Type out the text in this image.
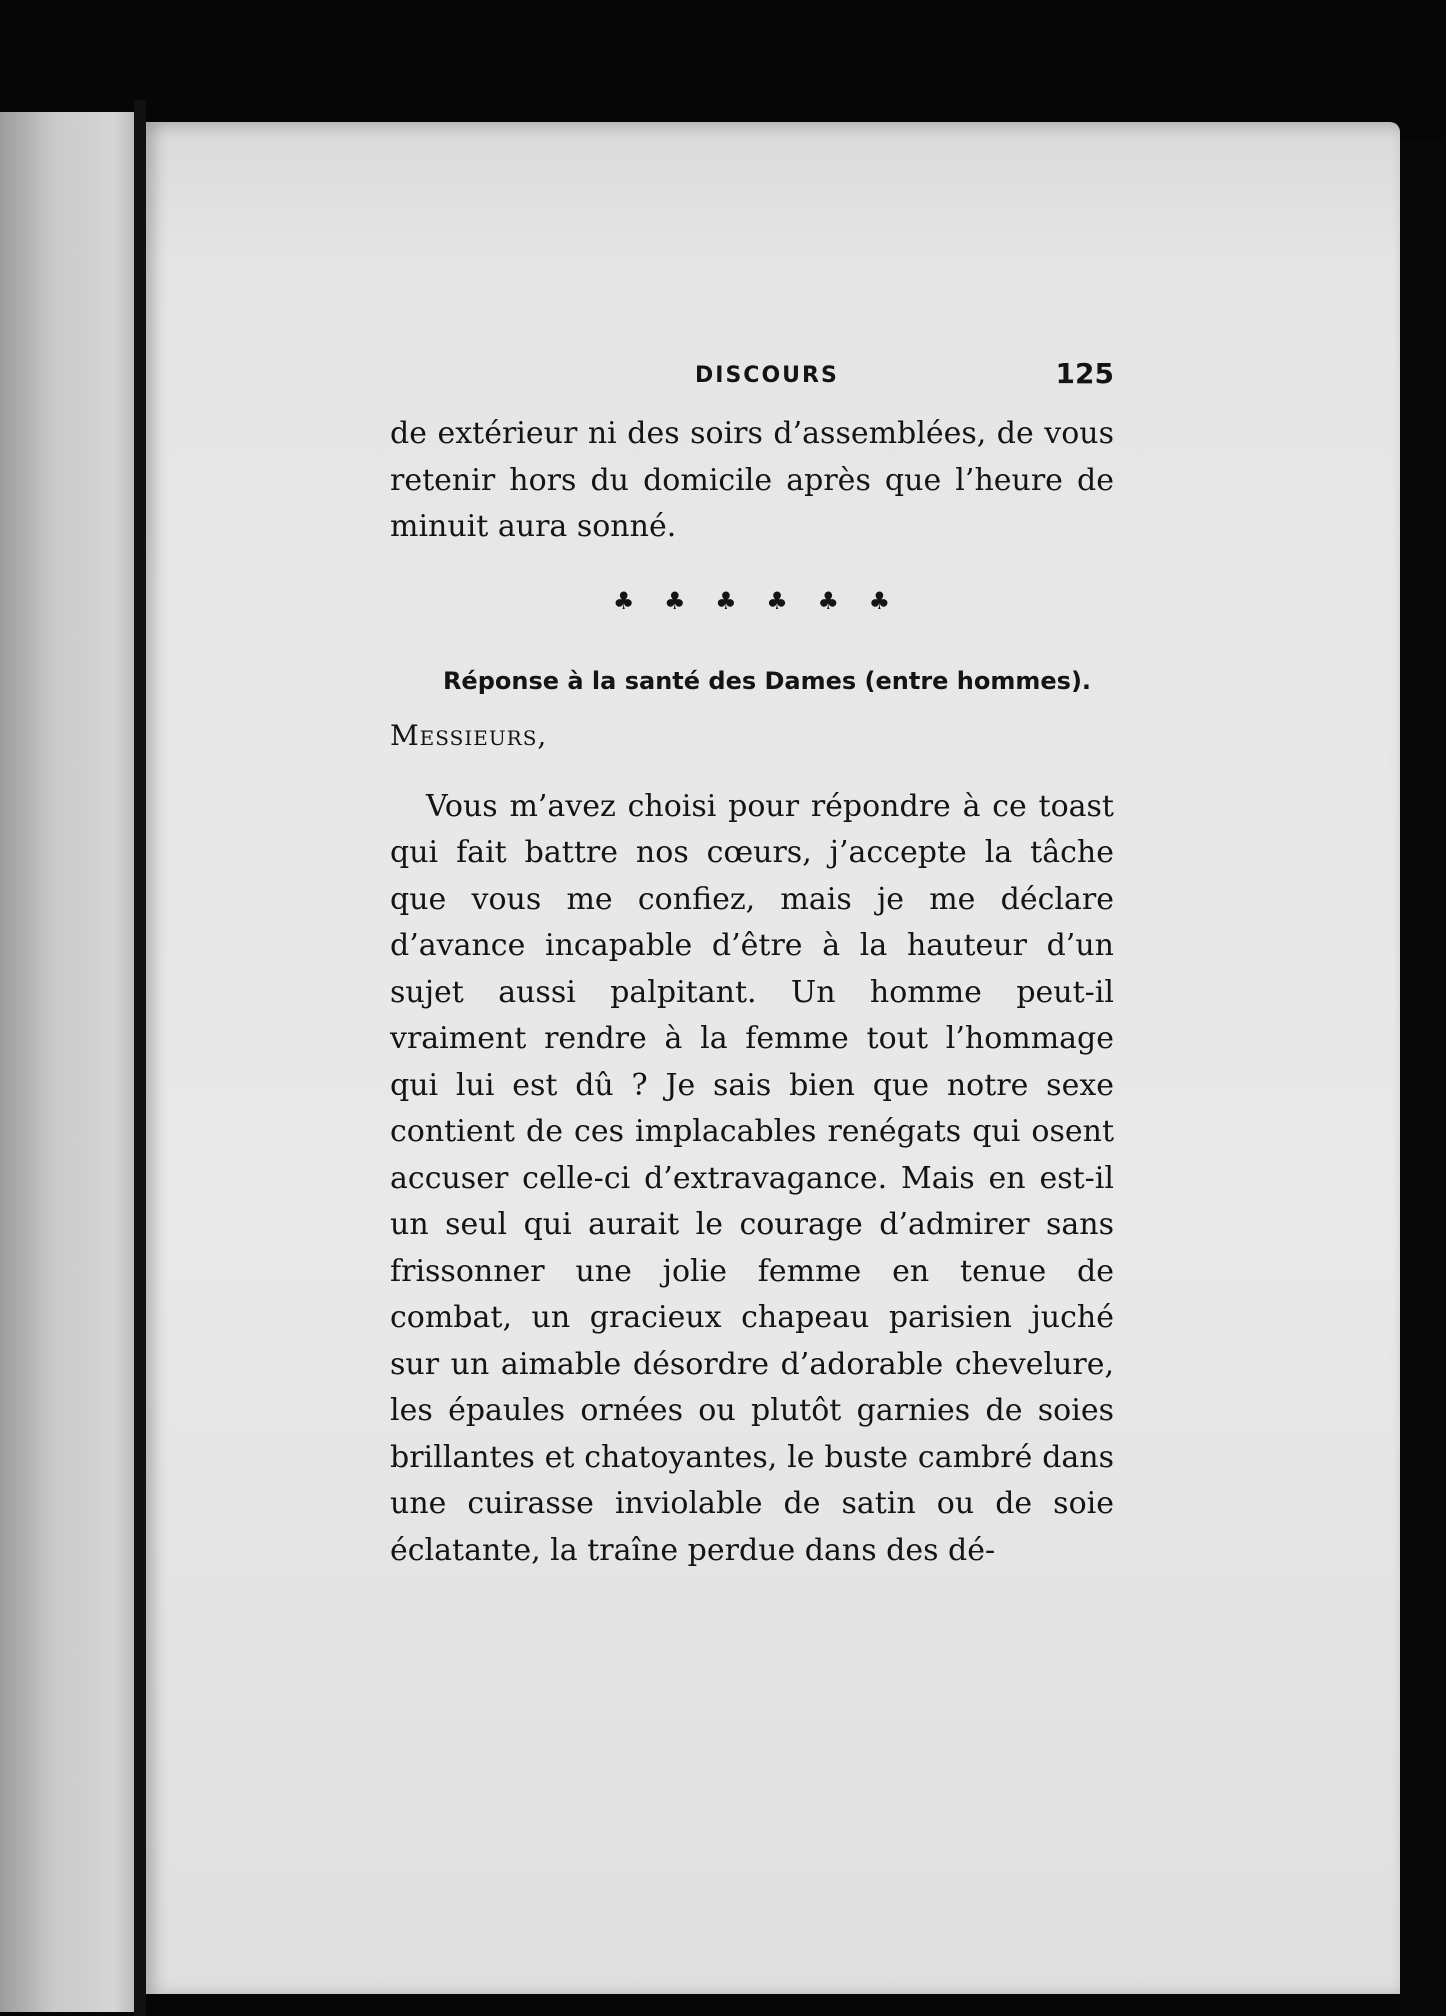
DISCOURS	125

de extérieur ni des soirs d’assemblées, de vous retenir hors du domicile après que l’heure de minuit aura sonné.

♣ ♣ ♣ ♣ ♣ ♣
Réponse à la santé des Dames (entre hommes).
Messieurs,

Vous m’avez choisi pour répondre à ce toast qui fait battre nos cœurs, j’accepte la tâche que vous me confiez, mais je me déclare d’avance incapable d’être à la hauteur d’un sujet aussi palpitant. Un homme peut-il vraiment rendre à la femme tout l’hommage qui lui est dû ? Je sais bien que notre sexe contient de ces implacables renégats qui osent accuser celle-ci d’extravagance. Mais en est-il un seul qui aurait le courage d’admirer sans frissonner une jolie femme en tenue de combat, un gracieux chapeau parisien juché sur un aimable désordre d’adorable chevelure, les épaules ornées ou plutôt garnies de soies brillantes et chatoyantes, le buste cambré dans une cuirasse inviolable de satin ou de soie éclatante, la traîne perdue dans des dé-
